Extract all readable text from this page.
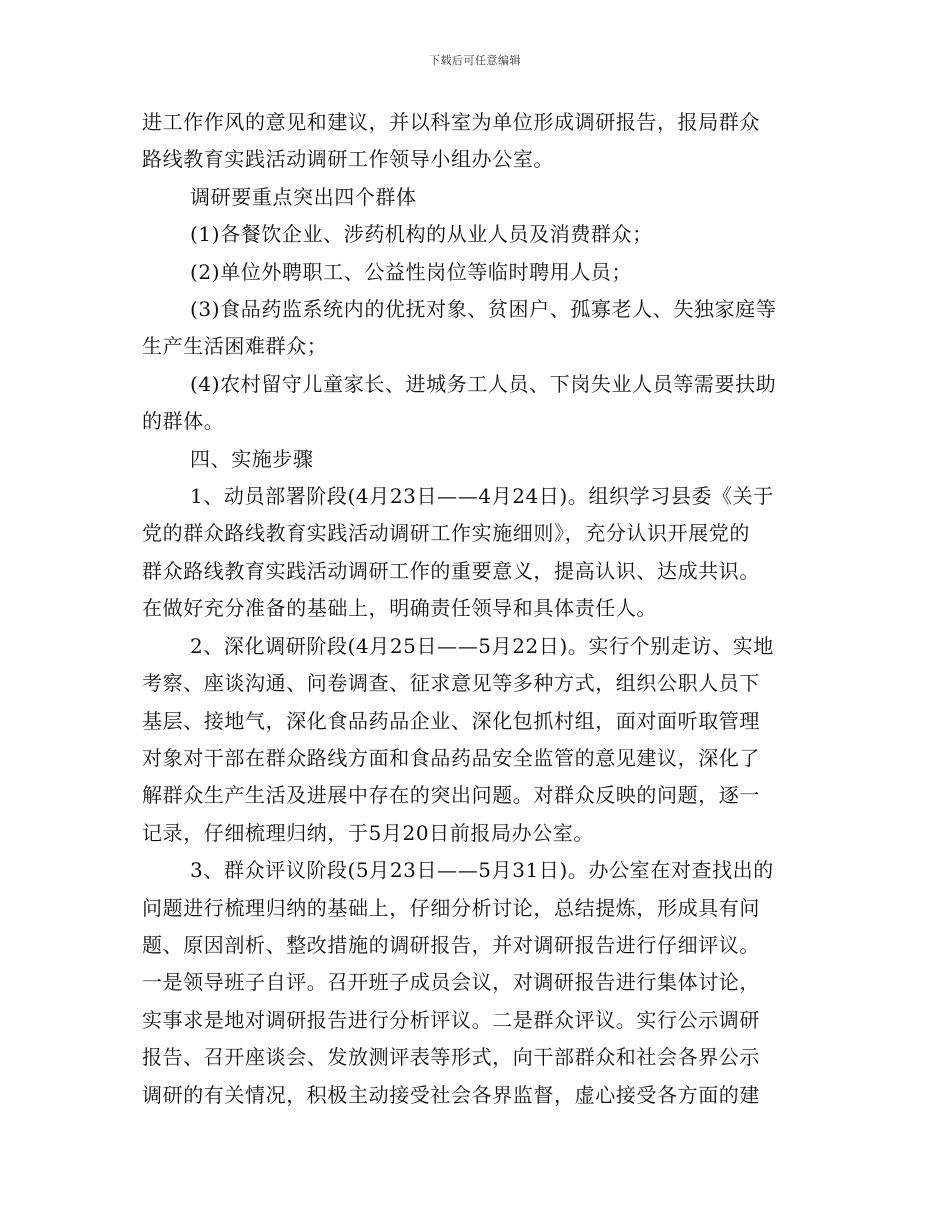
下载后可任意编辑
进工作作风的意见和建议，并以科室为单位形成调研报告，报局群众
路线教育实践活动调研工作领导小组办公室。
调研要重点突出四个群体
(1)各餐饮企业、涉药机构的从业人员及消费群众；
(2)单位外聘职工、公益性岗位等临时聘用人员；
(3)食品药监系统内的优抚对象、贫困户、孤寡老人、失独家庭等
生产生活困难群众；
(4)农村留守儿童家长、进城务工人员、下岗失业人员等需要扶助
的群体。
四、实施步骤
1、动员部署阶段(4月23日——4月24日)。组织学习县委《关于
党的群众路线教育实践活动调研工作实施细则》，充分认识开展党的
群众路线教育实践活动调研工作的重要意义，提高认识、达成共识。
在做好充分准备的基础上，明确责任领导和具体责任人。
2、深化调研阶段(4月25日——5月22日)。实行个别走访、实地
考察、座谈沟通、问卷调查、征求意见等多种方式，组织公职人员下
基层、接地气，深化食品药品企业、深化包抓村组，面对面听取管理
对象对干部在群众路线方面和食品药品安全监管的意见建议，深化了
解群众生产生活及进展中存在的突出问题。对群众反映的问题，逐一
记录，仔细梳理归纳，于5月20日前报局办公室。
3、群众评议阶段(5月23日——5月31日)。办公室在对查找出的
问题进行梳理归纳的基础上，仔细分析讨论，总结提炼，形成具有问
题、原因剖析、整改措施的调研报告，并对调研报告进行仔细评议。
一是领导班子自评。召开班子成员会议，对调研报告进行集体讨论，
实事求是地对调研报告进行分析评议。二是群众评议。实行公示调研
报告、召开座谈会、发放测评表等形式，向干部群众和社会各界公示
调研的有关情况，积极主动接受社会各界监督，虚心接受各方面的建
